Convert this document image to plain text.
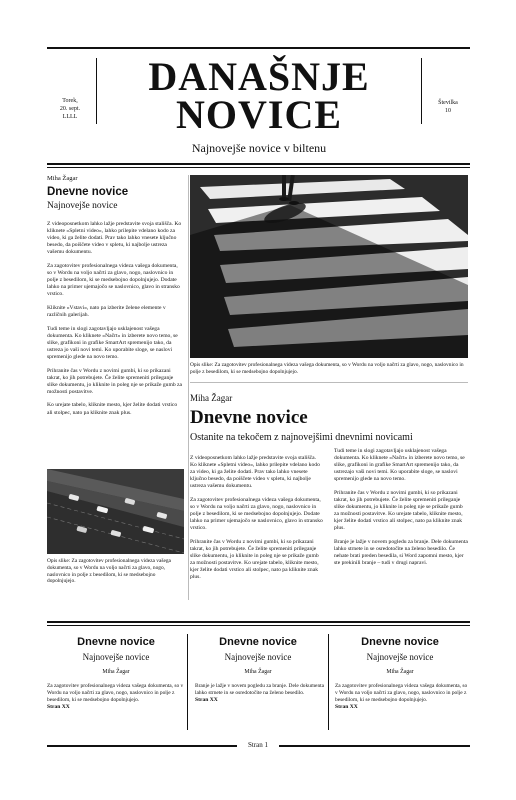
Torek,
20. sept.
LLLL
DANAŠNJE
NOVICE	Številka
10
Najnovejše novice v biltenu
Miha Žagar
Dnevne novice
Najnovejše novice

Z videoposnetkom lahko lažje predstavite svoja stališča. Ko kliknete »Spletni video«, lahko prilepite vdelano kodo za video, ki ga želite dodati. Prav tako lahko vnesete ključno besedo, da poiščete video v spletu, ki najbolje ustreza vašemu dokumentu.

Za zagotovitev profesionalnega videza vašega dokumenta, so v Wordu na voljo načrti za glavo, nogo, naslovnico in polje z besedilom, ki se medsebojno dopolnjujejo. Dodate lahko na primer ujemajočo se naslovnico, glavo in stransko vrstico.

Kliknite »Vstavi«, nato pa izberite želene elemente v različnih galerijah.

Tudi teme in slogi zagotavljajo usklajenost vašega dokumenta. Ko kliknete »Načrt« in izberete novo temo, se slike, grafikoni in grafike SmartArt spremenijo tako, da ustreza jo vaši novi temi. Ko uporabite sloge, se naslovi spremenijo glede na novo temo.

Prihranite čas v Wordu z novimi gumbi, ki so prikazani takrat, ko jih potrebujete. Če želite spremeniti prileganje slike dokumentu, jo kliknite in poleg nje se prikaže gumb za možnosti postavitve.

Ko urejate tabelo, kliknite mesto, kjer želite dodati vrstico ali stolpec, nato pa kliknite znak plus.

Opis slike: Za zagotovitev profesionalnega videza vašega dokumenta, so v Wordu na voljo načrti za glavo, nogo, naslovnico in polje z besedilom, ki se medsebojno dopolnjujejo.
Opis slike: Za zagotovitev profesionalnega videza vašega dokumenta, so v Wordu na voljo načrti za glavo, nogo, naslovnico in polje z besedilom, ki se medsebojno dopolnjujejo.
Miha Žagar
Dnevne novice
Ostanite na tekočem z najnovejšimi dnevnimi novicami

Z videoposnetkom lahko lažje predstavite svoja stališča. Ko kliknete »Spletni video«, lahko prilepite vdelano kodo za video, ki ga želite dodati. Prav tako lahko vnesete ključno besedo, da poiščete video v spletu, ki najbolje ustreza vašemu dokumentu.

Za zagotovitev profesionalnega videza vašega dokumenta, so v Wordu na voljo načrti za glavo, nogo, naslovnico in polje z besedilom, ki se medsebojno dopolnjujejo. Dodate lahko na primer ujemajočo se naslovnico, glavo in stransko vrstico.

Prihranite čas v Wordu z novimi gumbi, ki so prikazani takrat, ko jih potrebujete. Če želite spremeniti prileganje slike dokumentu, jo kliknite in poleg nje se prikaže gumb za možnosti postavitve. Ko urejate tabelo, kliknite mesto, kjer želite dodati vrstico ali stolpec, nato pa kliknite znak plus.

Tudi teme in slogi zagotavljajo usklajenost vašega dokumenta. Ko kliknete »Načrt« in izberete novo temo, se slike, grafikoni in grafike SmartArt spremenijo tako, da ustrezajo vaši novi temi. Ko uporabite sloge, se naslovi spremenijo glede na novo temo.

Prihranite čas v Wordu z novimi gumbi, ki so prikazani takrat, ko jih potrebujete. Če želite spremeniti prileganje slike dokumentu, jo kliknite in poleg nje se prikaže gumb za možnosti postavitve. Ko urejate tabelo, kliknite mesto, kjer želite dodati vrstico ali stolpec, nato pa kliknite znak plus.

Branje je lažje v novem pogledu za branje. Dele dokumenta lahko strnete in se osredotočite na želeno besedilo. Če nehate brati preden besedila, si Word zapomni mesto, kjer ste prekinili branje – tudi v drugi napravi.

Dnevne novice
Najnovejše novice
Miha Žagar
Za zagotovitev profesionalnega videza vašega dokumenta, so v Wordu na voljo načrti za glavo, nogo, naslovnico in polje z besedilom, ki se medsebojno dopolnjujejo.
Stran XX
Dnevne novice
Najnovejše novice
Miha Žagar
Branje je lažje v novem pogledu za branje. Dele dokumenta lahko strnete in se osredotočite na želeno besedilo.
Stran XX
Dnevne novice
Najnovejše novice
Miha Žagar
Za zagotovitev profesionalnega videza vašega dokumenta, so v Wordu na voljo načrti za glavo, nogo, naslovnico in polje z besedilom, ki se medsebojno dopolnjujejo.
Stran XX
Stran 1
